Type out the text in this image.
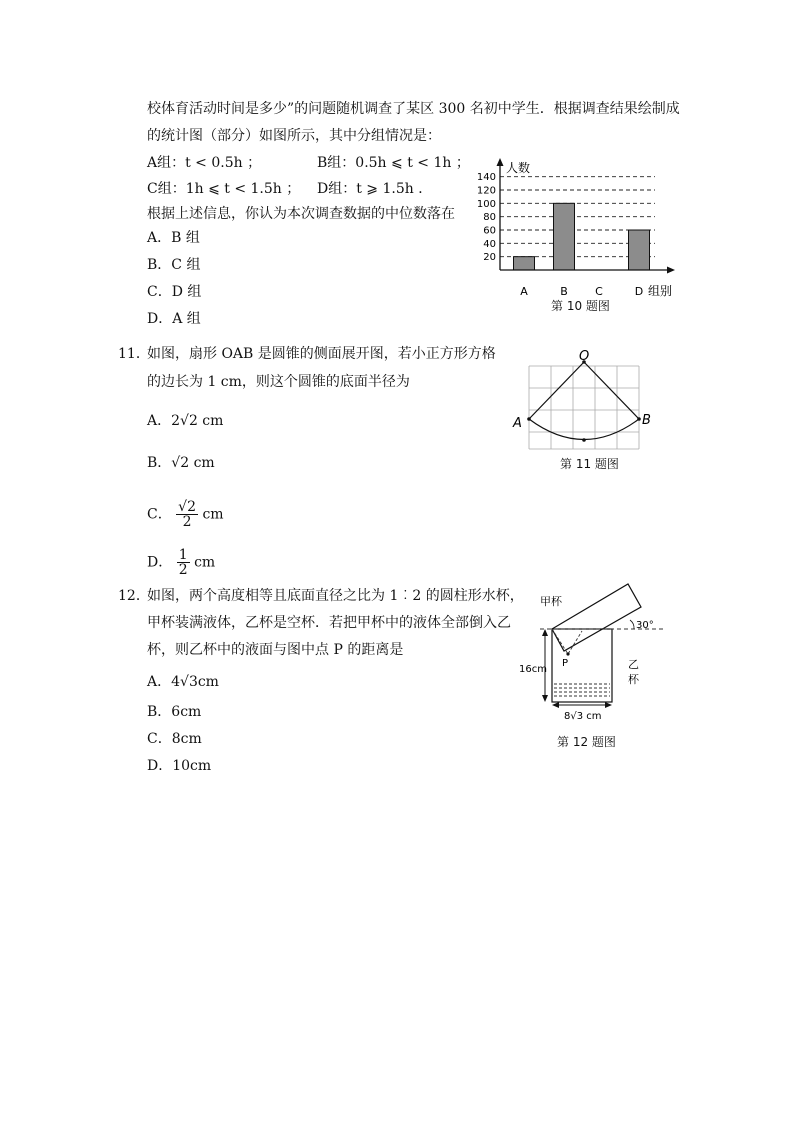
校体育活动时间是多少”的问题随机调查了某区 300 名初中学生．根据调查结果绘制成
的统计图（部分）如图所示，其中分组情况是：
A组：t < 0.5h ；	B组：0.5h ⩽ t < 1h ；
C组：1h ⩽ t < 1.5h ； D组：t ⩾ 1.5h ．
根据上述信息，你认为本次调查数据的中位数落在
A．B 组
B．C 组
C．D 组
D．A 组
人数
组别
20
40
60
80
100
120
140
A	B C	D
第 10 题图
11．
如图，扇形 OAB 是圆锥的侧面展开图，若小正方形方格
的边长为 1 cm，则这个圆锥的底面半径为
A．2√2 cm
B．√2 cm
C． $\frac{√2}{2}$ cm
D． $\frac{1}{2}$ cm
O
A	B
第 11 题图
12．
如图，两个高度相等且底面直径之比为 1︰2 的圆柱形水杯，
甲杯装满液体，乙杯是空杯．若把甲杯中的液体全部倒入乙
杯，则乙杯中的液面与图中点 P 的距离是
A．4√3cm
B．6cm
C．8cm
D．10cm
P
甲杯
30°
16cm
8√3 cm
乙
杯
第 12 题图
